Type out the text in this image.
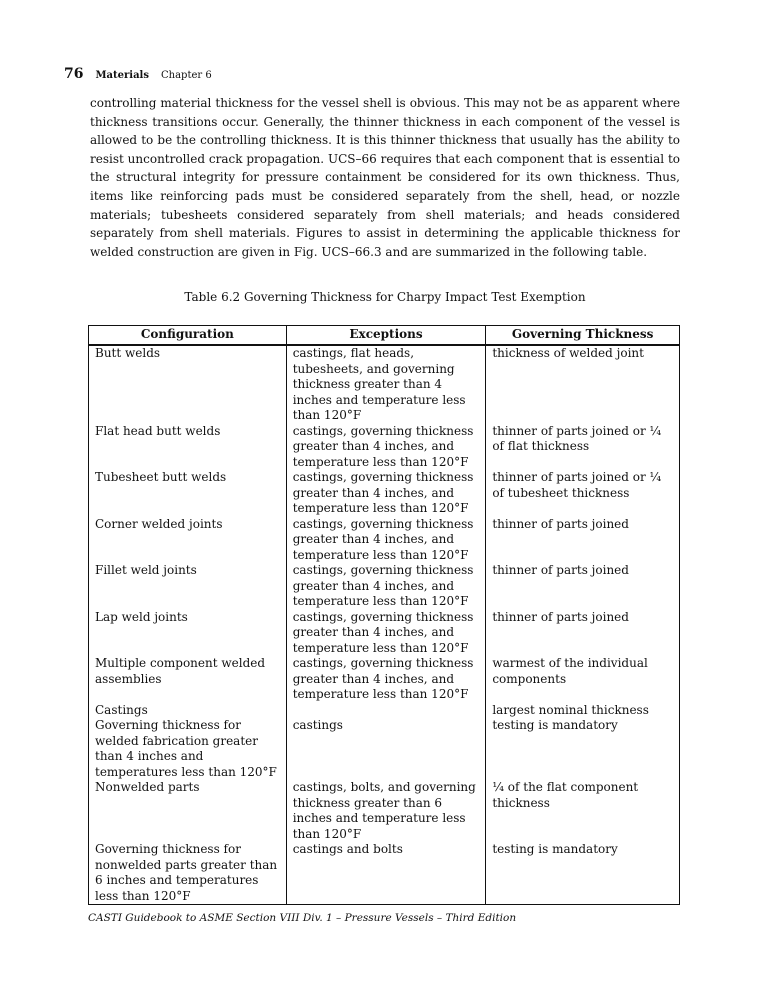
76 Materials Chapter 6

controlling material thickness for the vessel shell is obvious. This may not be as apparent where thickness transitions occur. Generally, the thinner thickness in each component of the vessel is allowed to be the controlling thickness. It is this thinner thickness that usually has the ability to resist uncontrolled crack propagation. UCS–66 requires that each component that is essential to the structural integrity for pressure containment be considered for its own thickness. Thus, items like reinforcing pads must be considered separately from the shell, head, or nozzle materials; tubesheets considered separately from shell materials; and heads considered separately from shell materials. Figures to assist in determining the applicable thickness for welded construction are given in Fig. UCS–66.3 and are summarized in the following table.

Table 6.2 Governing Thickness for Charpy Impact Test Exemption
Configuration	Exceptions	Governing Thickness
Butt welds	castings, flat heads, tubesheets, and governing thickness greater than 4 inches and temperature less than 120°F	thickness of welded joint
Flat head butt welds	castings, governing thickness greater than 4 inches, and temperature less than 120°F	thinner of parts joined or ¼ of flat thickness
Tubesheet butt welds	castings, governing thickness greater than 4 inches, and temperature less than 120°F	thinner of parts joined or ¼ of tubesheet thickness
Corner welded joints	castings, governing thickness greater than 4 inches, and temperature less than 120°F	thinner of parts joined
Fillet weld joints	castings, governing thickness greater than 4 inches, and temperature less than 120°F	thinner of parts joined
Lap weld joints	castings, governing thickness greater than 4 inches, and temperature less than 120°F	thinner of parts joined
Multiple component welded assemblies	castings, governing thickness greater than 4 inches, and temperature less than 120°F	warmest of the individual components
Castings		largest nominal thickness
Governing thickness for welded fabrication greater than 4 inches and temperatures less than 120°F	castings	testing is mandatory
Nonwelded parts	castings, bolts, and governing thickness greater than 6 inches and temperature less than 120°F	¼ of the flat component thickness
Governing thickness for nonwelded parts greater than 6 inches and temperatures less than 120°F	castings and bolts	testing is mandatory
CASTI Guidebook to ASME Section VIII Div. 1 – Pressure Vessels – Third Edition
